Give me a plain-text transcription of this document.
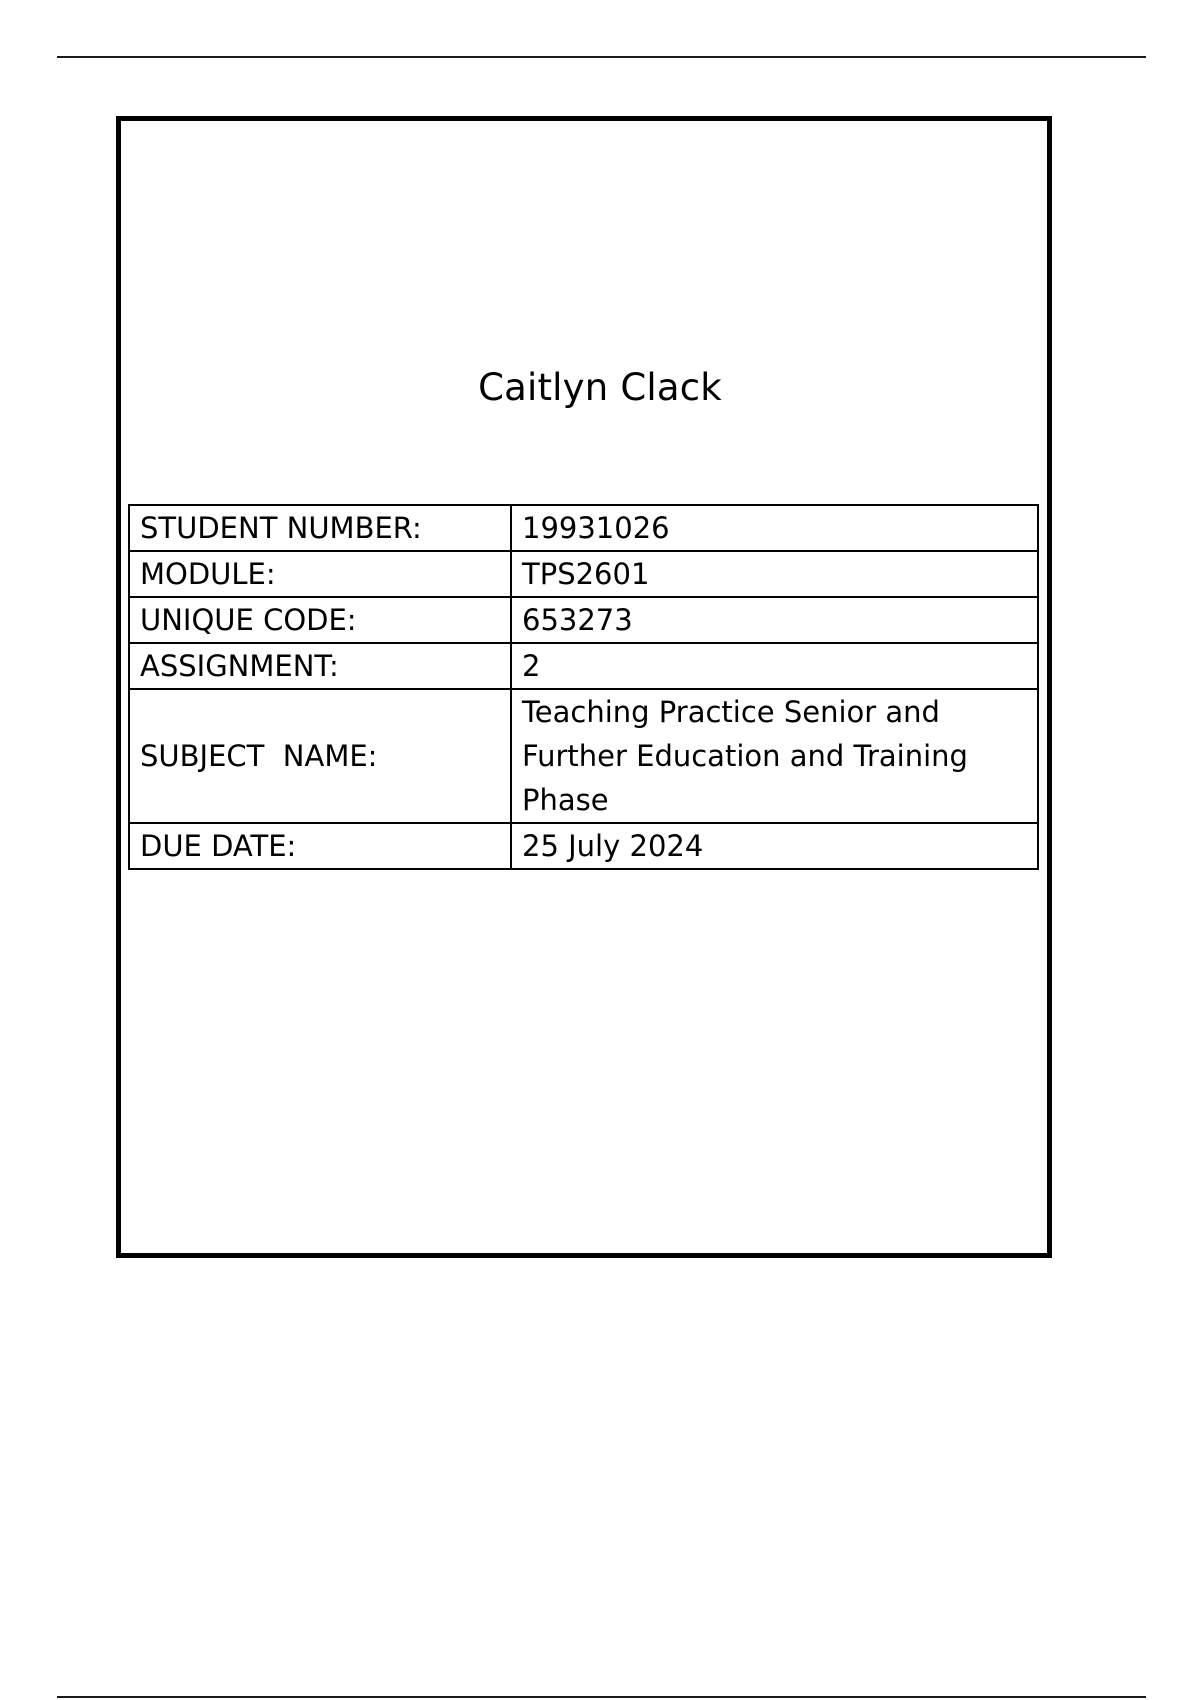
Caitlyn Clack
STUDENT NUMBER:	19931026
MODULE:	TPS2601
UNIQUE CODE:	653273
ASSIGNMENT:	2
SUBJECT  NAME:	Teaching Practice Senior and Further Education and Training Phase
DUE DATE:	25 July 2024
